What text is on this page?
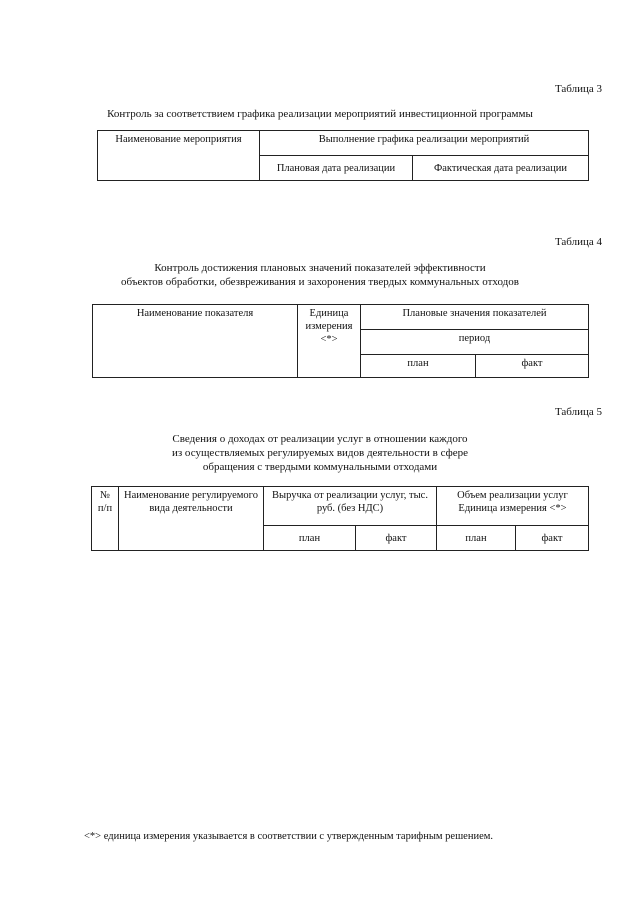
Таблица 3
Контроль за соответствием графика реализации мероприятий инвестиционной программы
Наименование мероприятия	Выполнение графика реализации мероприятий	
	Плановая дата реализации	Фактическая дата реализации
Таблица 4
Контроль достижения плановых значений показателей эффективности
объектов обработки, обезвреживания и захоронения твердых коммунальных отходов
Наименование показателя	Единица измерения <*>	Плановые значения показателей	
		период	
		план	факт
Таблица 5
Сведения о доходах от реализации услуг в отношении каждого
из осуществляемых регулируемых видов деятельности в сфере
обращения с твердыми коммунальными отходами
№ п/п	Наименование регулируемого вида деятельности	Выручка от реализации услуг, тыс. руб. (без НДС)		Объем реализации услуг Единица измерения <*>	
		план	факт	план	факт
<*> единица измерения указывается в соответствии с утвержденным тарифным решением.
